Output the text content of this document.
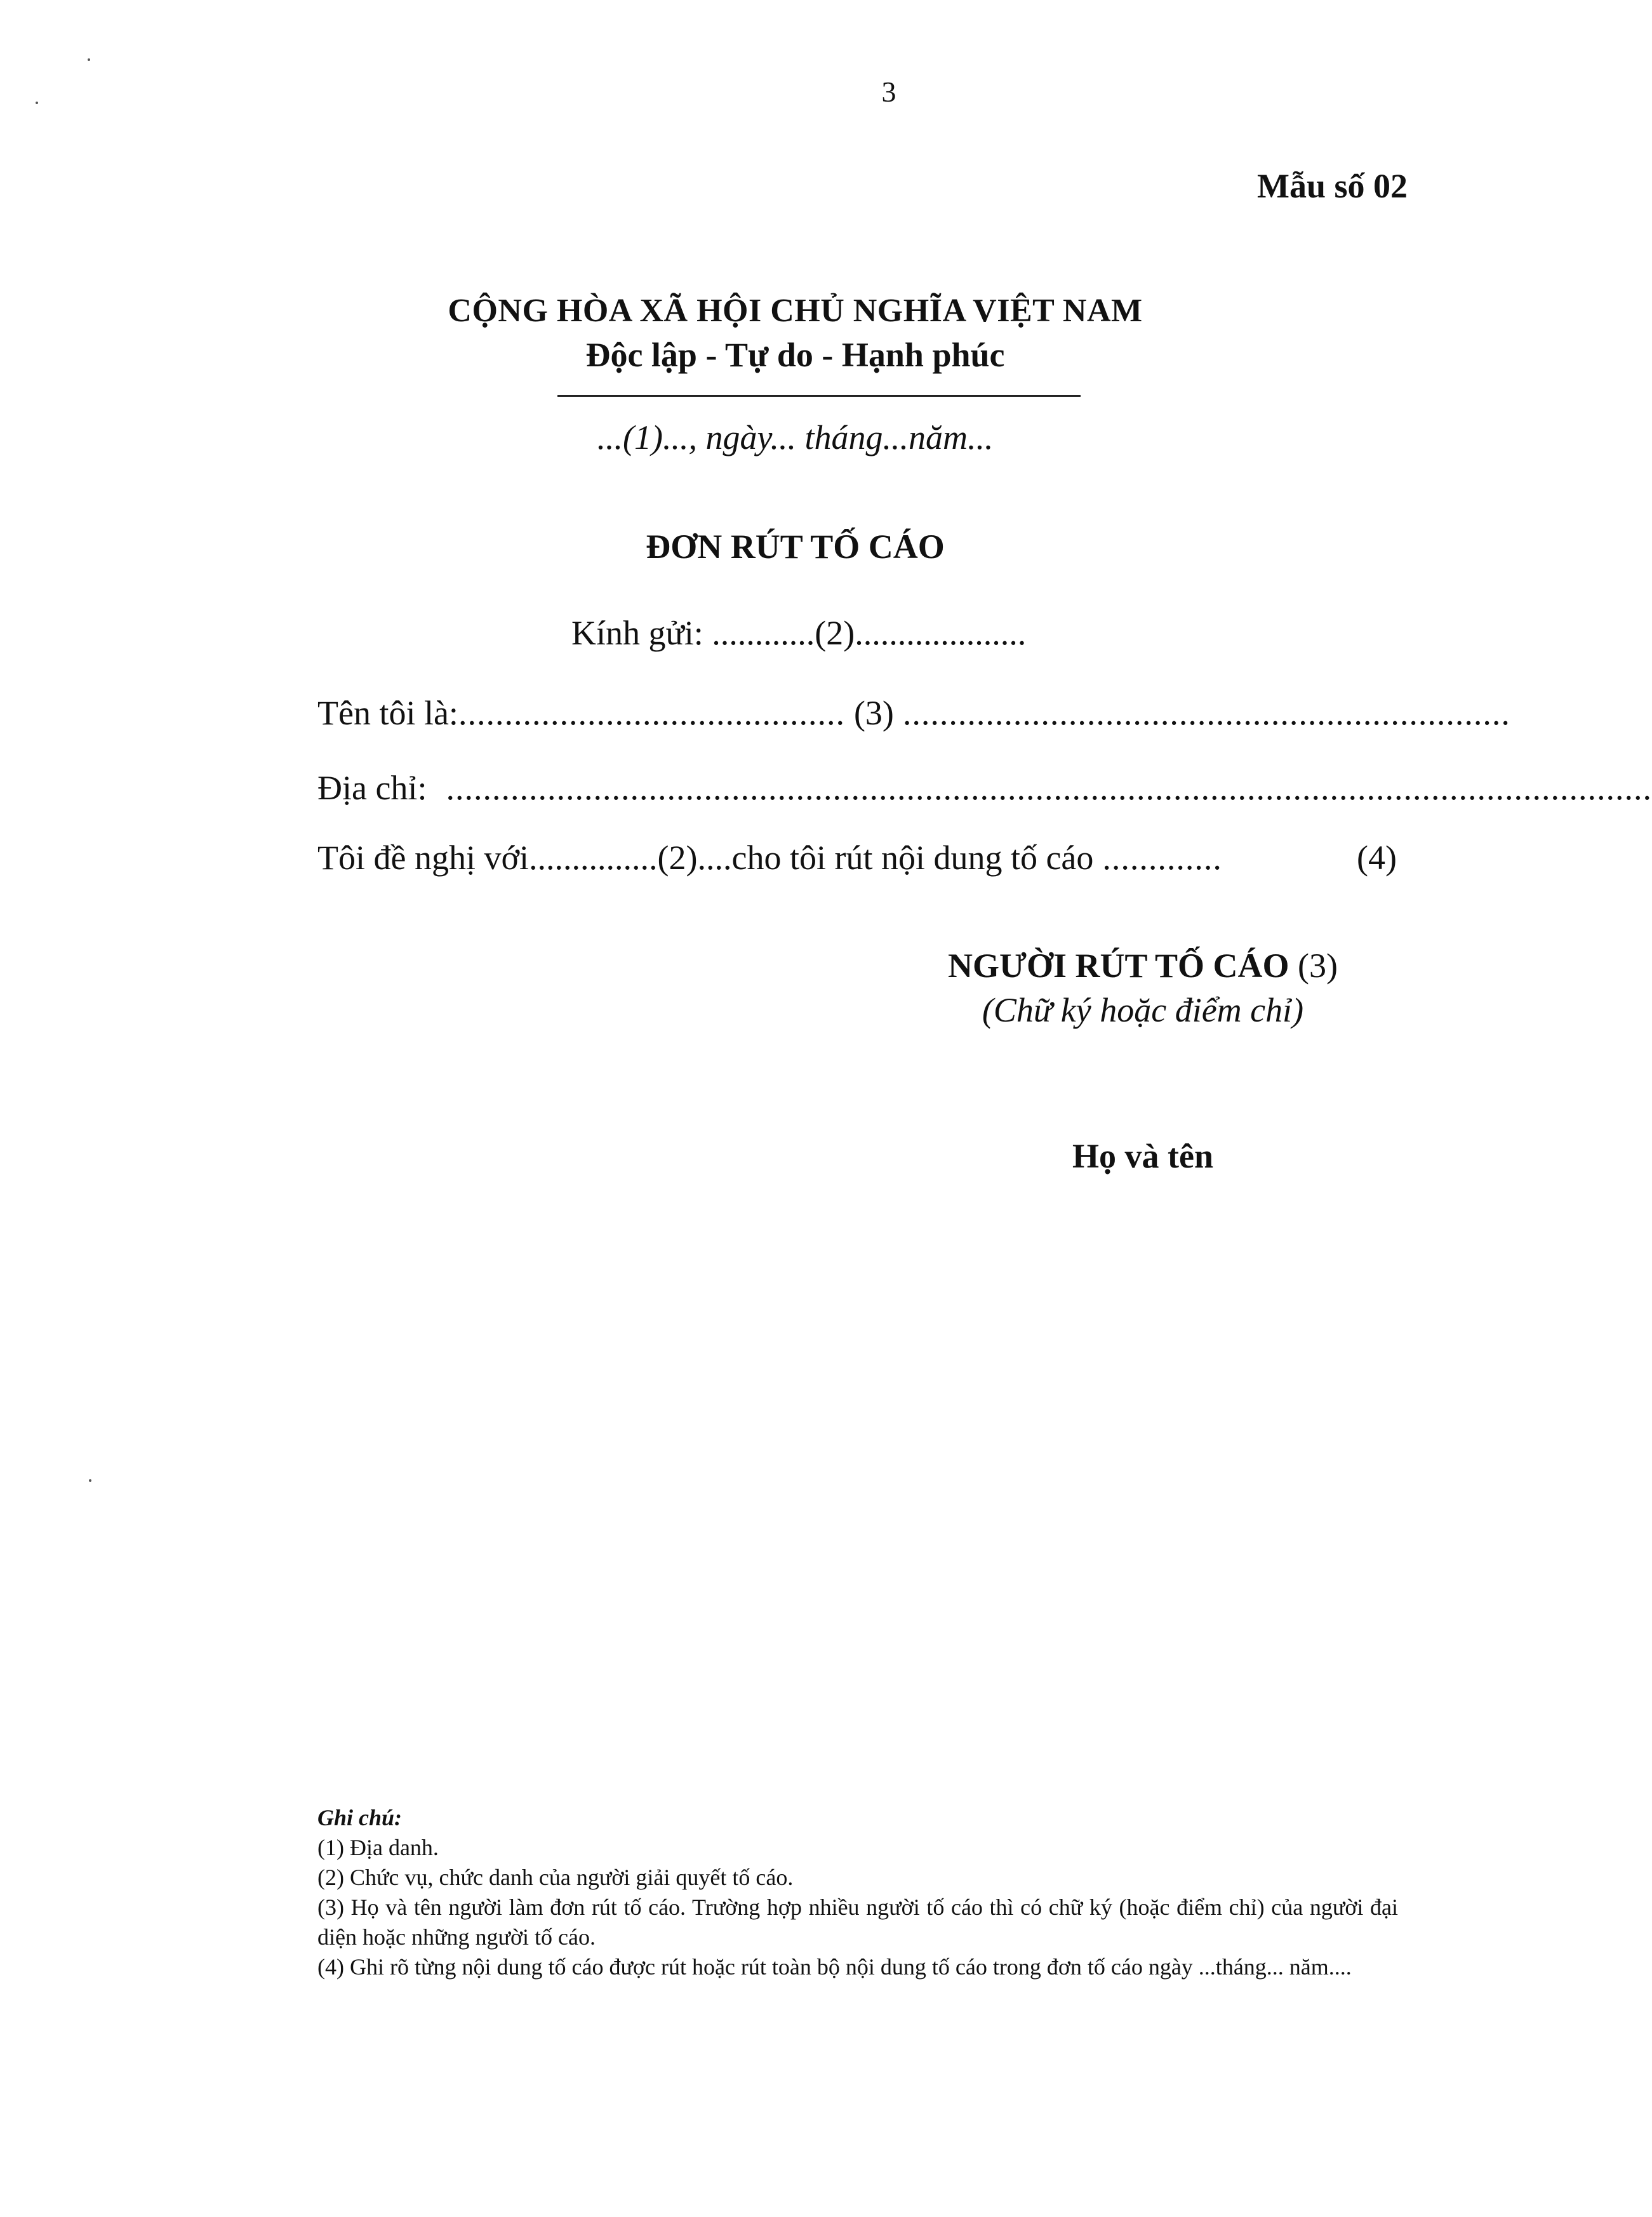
3
Mẫu số 02
CỘNG HÒA XÃ HỘI CHỦ NGHĨA VIỆT NAM
Độc lập - Tự do - Hạnh phúc
...(1)..., ngày... tháng...năm...
ĐƠN RÚT TỐ CÁO
Kính gửi: ............(2)....................
Tên tôi là: .......................................... (3) ..................................................................
Địa chỉ: ...................................................................................................................................
Tôi đề nghị với ............... (2) .... cho tôi rút nội dung tố cáo .............	(4)
NGƯỜI RÚT TỐ CÁO (3)
(Chữ ký hoặc điểm chỉ)
Họ và tên
Ghi chú:
(1) Địa danh.
(2) Chức vụ, chức danh của người giải quyết tố cáo.
(3) Họ và tên người làm đơn rút tố cáo. Trường hợp nhiều người tố cáo thì có chữ ký (hoặc điểm chỉ) của người đại diện hoặc những người tố cáo.
(4) Ghi rõ từng nội dung tố cáo được rút hoặc rút toàn bộ nội dung tố cáo trong đơn tố cáo ngày ...tháng... năm....
